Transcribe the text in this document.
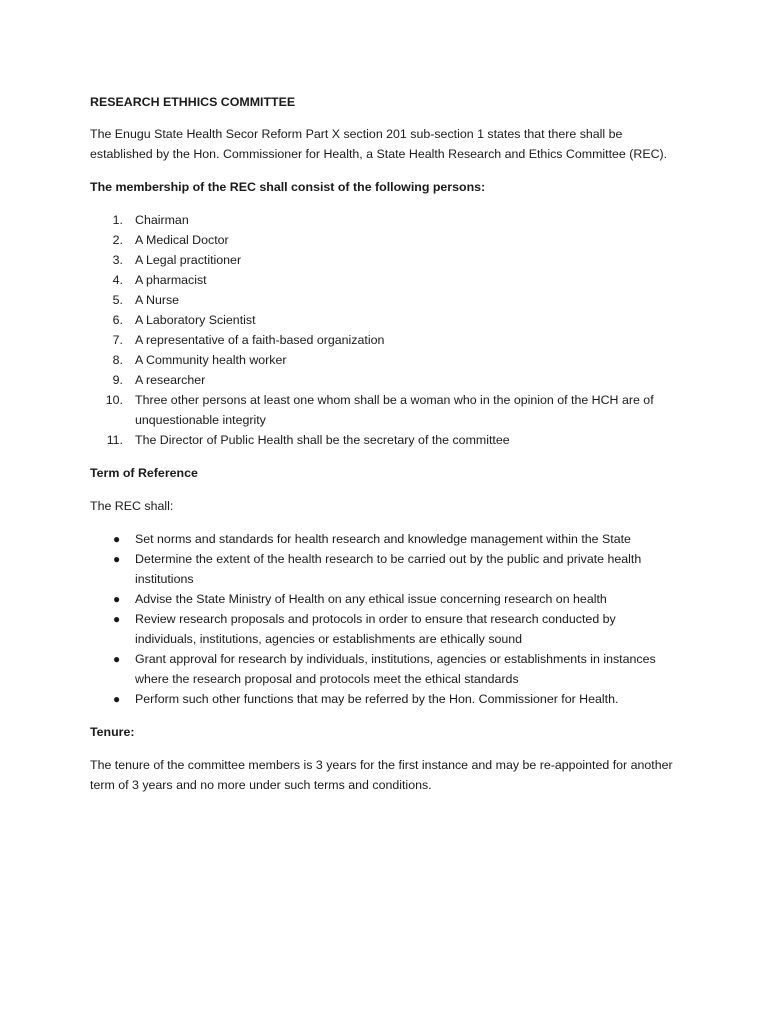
RESEARCH ETHHICS COMMITTEE

The Enugu State Health Secor Reform Part X section 201 sub-section 1 states that there shall be established by the Hon. Commissioner for Health, a State Health Research and Ethics Committee (REC).

The membership of the REC shall consist of the following persons:

1. Chairman
2. A Medical Doctor
3. A Legal practitioner
4. A pharmacist
5. A Nurse
6. A Laboratory Scientist
7. A representative of a faith-based organization
8. A Community health worker
9. A researcher
10. Three other persons at least one whom shall be a woman who in the opinion of the HCH are of unquestionable integrity
11. The Director of Public Health shall be the secretary of the committee

Term of Reference

The REC shall:

● Set norms and standards for health research and knowledge management within the State
● Determine the extent of the health research to be carried out by the public and private health institutions
● Advise the State Ministry of Health on any ethical issue concerning research on health
● Review research proposals and protocols in order to ensure that research conducted by individuals, institutions, agencies or establishments are ethically sound
● Grant approval for research by individuals, institutions, agencies or establishments in instances where the research proposal and protocols meet the ethical standards
● Perform such other functions that may be referred by the Hon. Commissioner for Health.

Tenure:

The tenure of the committee members is 3 years for the first instance and may be re-appointed for another term of 3 years and no more under such terms and conditions.
